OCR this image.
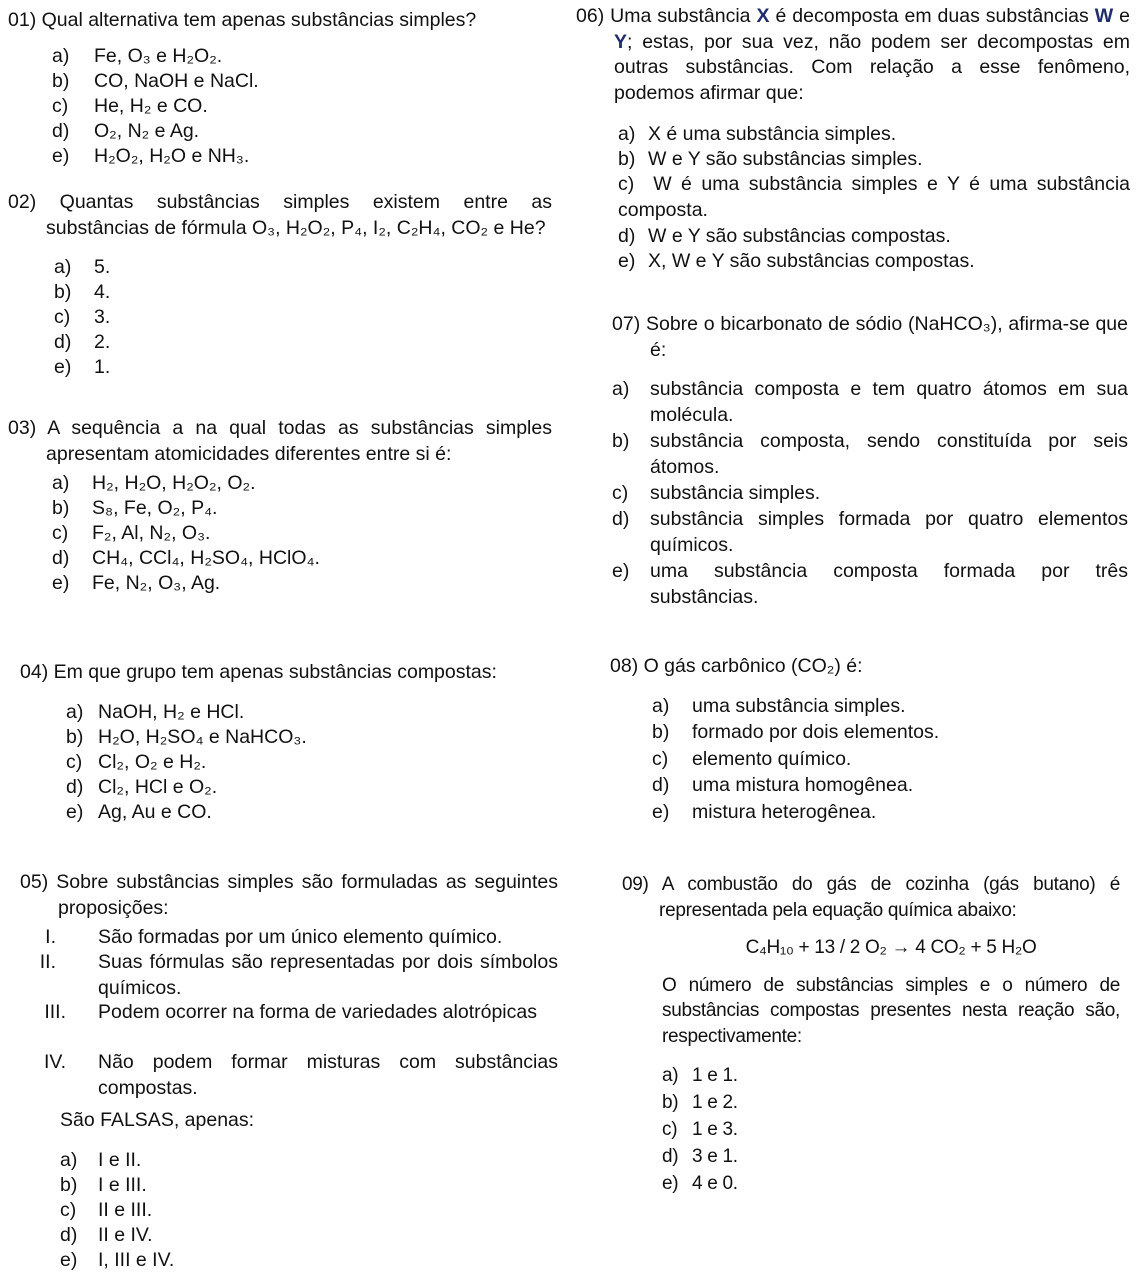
01) Qual alternativa tem apenas substâncias simples?
a) Fe, O₃ e H₂O₂.
b) CO, NaOH e NaCl.
c) He, H₂ e CO.
d) O₂, N₂ e Ag.
e) H₂O₂, H₂O e NH₃.
02) Quantas substâncias simples existem entre as substâncias de fórmula O₃, H₂O₂, P₄, I₂, C₂H₄, CO₂ e He?
a) 5.
b) 4.
c) 3.
d) 2.
e) 1.
03) A sequência a na qual todas as substâncias simples apresentam atomicidades diferentes entre si é:
a) H₂, H₂O, H₂O₂, O₂.
b) S₈, Fe, O₂, P₄.
c) F₂, Al, N₂, O₃.
d) CH₄, CCl₄, H₂SO₄, HClO₄.
e) Fe, N₂, O₃, Ag.
04) Em que grupo tem apenas substâncias compostas:
a) NaOH, H₂ e HCl.
b) H₂O, H₂SO₄ e NaHCO₃.
c) Cl₂, O₂ e H₂.
d) Cl₂, HCl e O₂.
e) Ag, Au e CO.
05) Sobre substâncias simples são formuladas as seguintes proposições:
I. São formadas por um único elemento químico.
II. Suas fórmulas são representadas por dois símbolos químicos.
III. Podem ocorrer na forma de variedades alotrópicas
IV. Não podem formar misturas com substâncias compostas.
São FALSAS, apenas:
a) I e II.
b) I e III.
c) II e III.
d) II e IV.
e) I, III e IV.
06) Uma substância X é decomposta em duas substâncias W e Y; estas, por sua vez, não podem ser decompostas em outras substâncias. Com relação a esse fenômeno, podemos afirmar que:
a) X é uma substância simples.
b) W e Y são substâncias simples.
c) W é uma substância simples e Y é uma substância composta.
d) W e Y são substâncias compostas.
e) X, W e Y são substâncias compostas.
07) Sobre o bicarbonato de sódio (NaHCO₃), afirma-se que é:
a) substância composta e tem quatro átomos em sua molécula.
b) substância composta, sendo constituída por seis átomos.
c) substância simples.
d) substância simples formada por quatro elementos químicos.
e) uma substância composta formada por três substâncias.
08) O gás carbônico (CO₂) é:
a) uma substância simples.
b) formado por dois elementos.
c) elemento químico.
d) uma mistura homogênea.
e) mistura heterogênea.
09) A combustão do gás de cozinha (gás butano) é representada pela equação química abaixo:
C₄H₁₀ + 13 / 2 O₂ → 4 CO₂ + 5 H₂O
O número de substâncias simples e o número de substâncias compostas presentes nesta reação são, respectivamente:
a) 1 e 1.
b) 1 e 2.
c) 1 e 3.
d) 3 e 1.
e) 4 e 0.
